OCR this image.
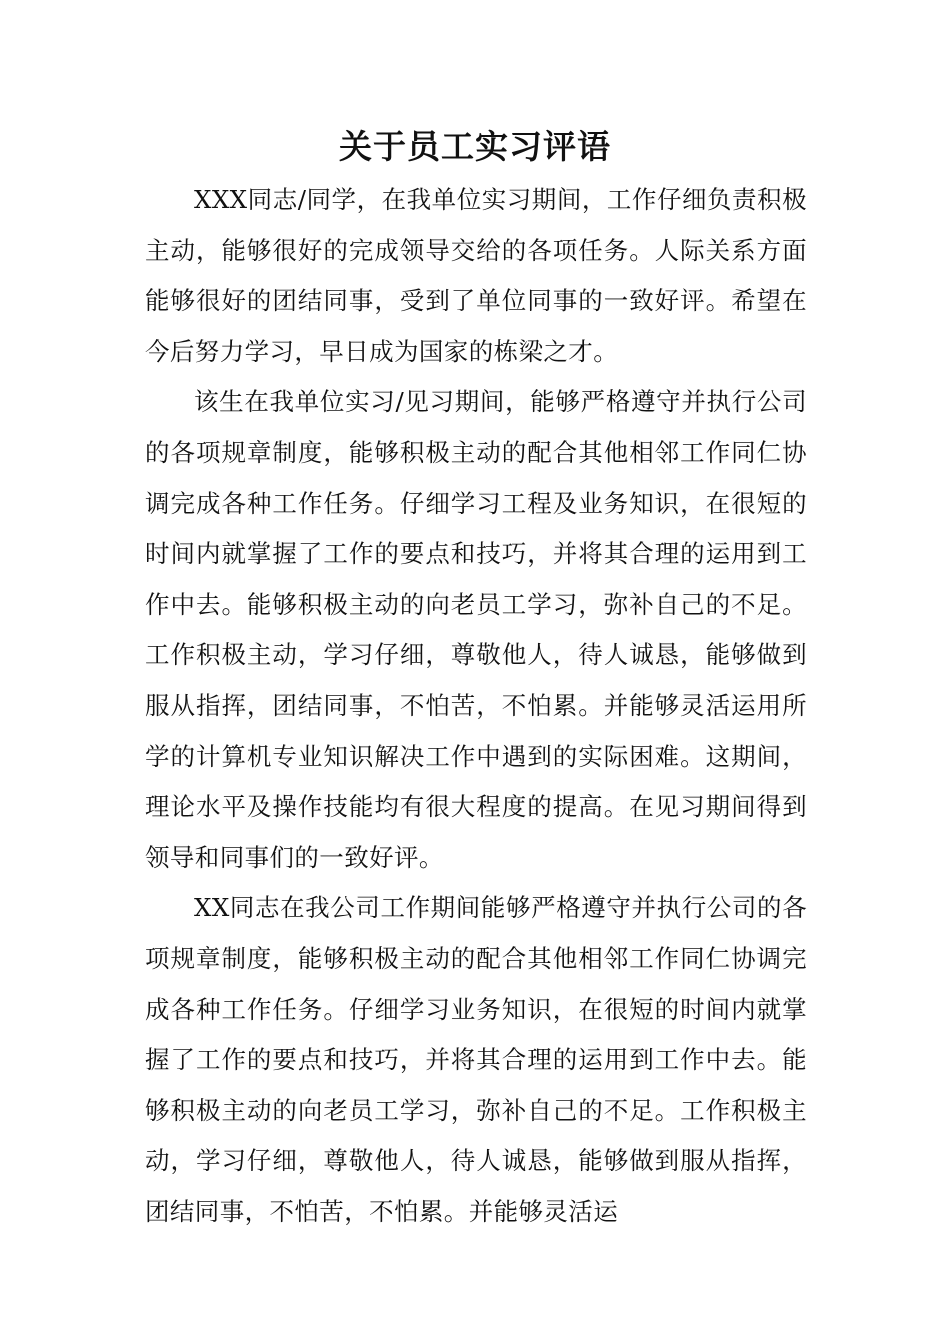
关于员工实习评语

XXX同志/同学，在我单位实习期间，工作仔细负责积极主动，能够很好的完成领导交给的各项任务。人际关系方面能够很好的团结同事，受到了单位同事的一致好评。希望在今后努力学习，早日成为国家的栋梁之才。

该生在我单位实习/见习期间，能够严格遵守并执行公司的各项规章制度，能够积极主动的配合其他相邻工作同仁协调完成各种工作任务。仔细学习工程及业务知识，在很短的时间内就掌握了工作的要点和技巧，并将其合理的运用到工作中去。能够积极主动的向老员工学习，弥补自己的不足。工作积极主动，学习仔细，尊敬他人，待人诚恳，能够做到服从指挥，团结同事，不怕苦，不怕累。并能够灵活运用所学的计算机专业知识解决工作中遇到的实际困难。这期间，理论水平及操作技能均有很大程度的提高。在见习期间得到领导和同事们的一致好评。

XX同志在我公司工作期间能够严格遵守并执行公司的各项规章制度，能够积极主动的配合其他相邻工作同仁协调完成各种工作任务。仔细学习业务知识，在很短的时间内就掌握了工作的要点和技巧，并将其合理的运用到工作中去。能够积极主动的向老员工学习，弥补自己的不足。工作积极主动，学习仔细，尊敬他人，待人诚恳，能够做到服从指挥，团结同事，不怕苦，不怕累。并能够灵活运
